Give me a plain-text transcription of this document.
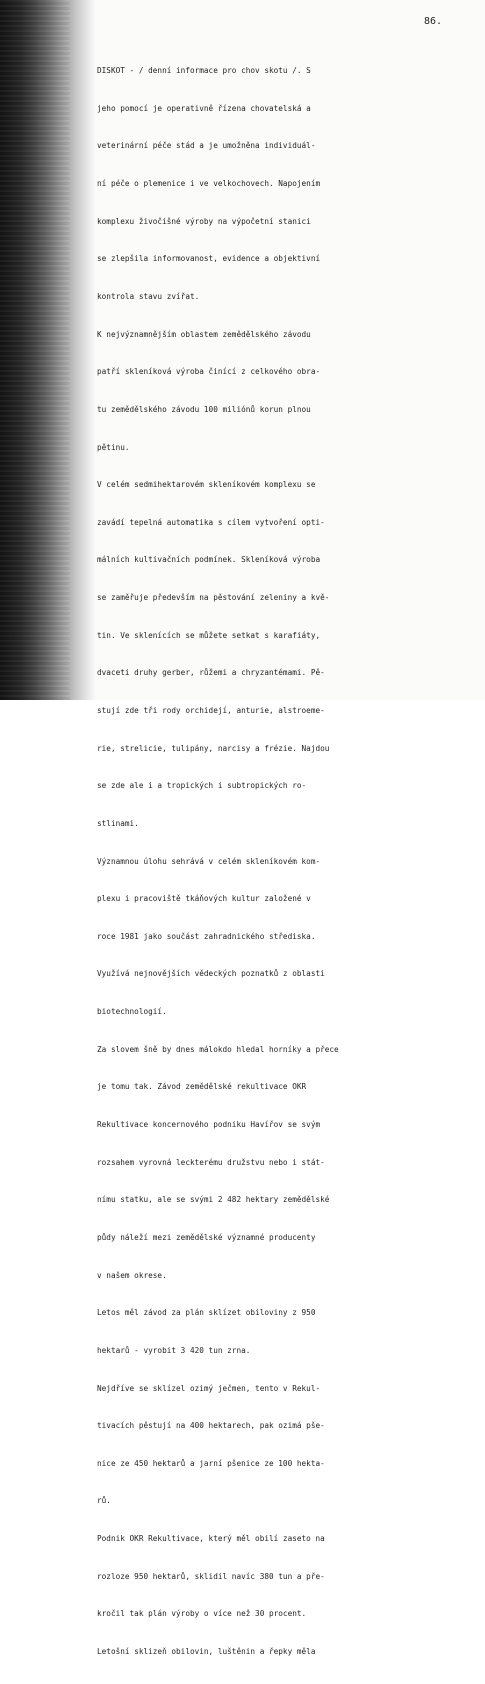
86.

DISKOT - / denní informace pro chov skotu /. S

jeho pomocí je operativně řízena chovatelská a

veterinární péče stád a je umožněna individuál-

ní péče o plemenice i ve velkochovech. Napojením

komplexu živočišné výroby na výpočetní stanici

se zlepšila informovanost, evidence a objektivní

kontrola stavu zvířat.

K nejvýznamnějším oblastem zemědělského závodu

patří skleníková výroba činící z celkového obra-

tu zemědělského závodu 100 miliónů korun plnou

pětinu.

V celém sedmihektarovém skleníkovém komplexu se

zavádí tepelná automatika s cílem vytvoření opti-

málních kultivačních podmínek. Skleníková výroba

se zaměřuje především na pěstování zeleniny a kvě-

tin. Ve sklenících se můžete setkat s karafiáty,

dvaceti druhy gerber, růžemi a chryzantémami. Pě-

stují zde tři rody orchidejí, anturie, alstroeme-

rie, strelicie, tulipány, narcisy a frézie. Najdou

se zde ale i a tropických i subtropických ro-

stlinami.

Významnou úlohu sehrává v celém skleníkovém kom-

plexu i pracoviště tkáňových kultur založené v

roce 1981 jako součást zahradnického střediska.

Využívá nejnovějších vědeckých poznatků z oblasti

biotechnologií.

Za slovem šně by dnes málokdo hledal horníky a přece

je tomu tak. Závod zemědělské rekultivace OKR

Rekultivace koncernového podniku Havířov se svým

rozsahem vyrovná leckterému družstvu nebo i stát-

nímu statku, ale se svými 2 482 hektary zemědělské

půdy náleží mezi zemědělské významné producenty

v našem okrese.

Letos měl závod za plán sklízet obiloviny z 950

hektarů - vyrobit 3 420 tun zrna.

Nejdříve se sklízel ozimý ječmen, tento v Rekul-

tivacích pěstují na 400 hektarech, pak ozimá pše-

nice ze 450 hektarů a jarní pšenice ze 100 hekta-

rů.

Podnik OKR Rekultivace, který měl obilí zaseto na

rozloze 950 hektarů, sklidil navíc 380 tun a pře-

kročil tak plán výroby o více než 30 procent.

Letošní sklizeň obilovin, luštěnin a řepky měla
